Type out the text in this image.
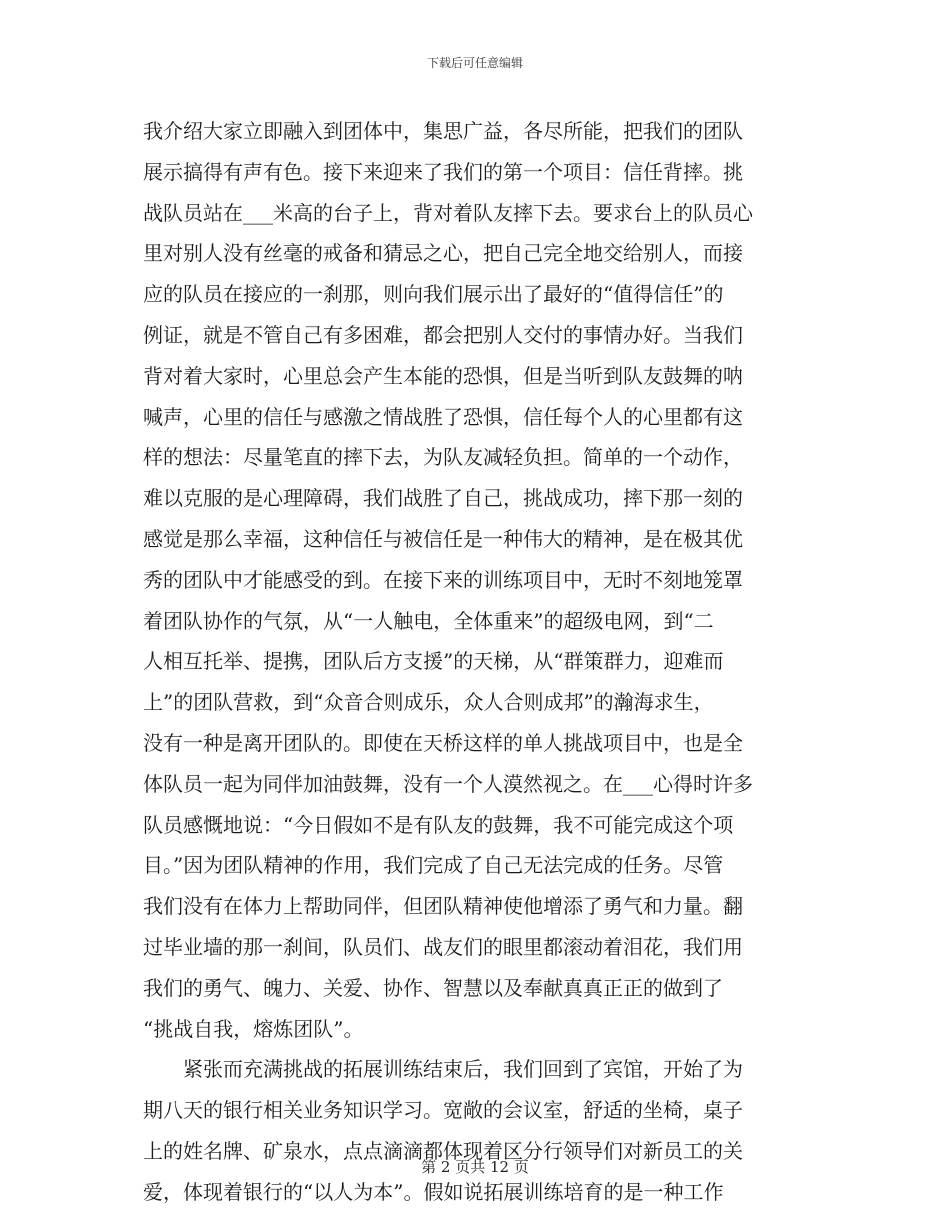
下载后可任意编辑
我介绍大家立即融入到团体中，集思广益，各尽所能，把我们的团队
展示搞得有声有色。接下来迎来了我们的第一个项目：信任背摔。挑
战队员站在___米高的台子上，背对着队友摔下去。要求台上的队员心
里对别人没有丝毫的戒备和猜忌之心，把自己完全地交给别人，而接
应的队员在接应的一刹那，则向我们展示出了最好的“值得信任”的
例证，就是不管自己有多困难，都会把别人交付的事情办好。当我们
背对着大家时，心里总会产生本能的恐惧，但是当听到队友鼓舞的呐
喊声，心里的信任与感激之情战胜了恐惧，信任每个人的心里都有这
样的想法：尽量笔直的摔下去，为队友减轻负担。简单的一个动作，
难以克服的是心理障碍，我们战胜了自己，挑战成功，摔下那一刻的
感觉是那么幸福，这种信任与被信任是一种伟大的精神，是在极其优
秀的团队中才能感受的到。在接下来的训练项目中，无时不刻地笼罩
着团队协作的气氛，从“一人触电，全体重来”的超级电网，到“二
人相互托举、提携，团队后方支援”的天梯，从“群策群力，迎难而
上”的团队营救，到“众音合则成乐，众人合则成邦”的瀚海求生，
没有一种是离开团队的。即使在天桥这样的单人挑战项目中，也是全
体队员一起为同伴加油鼓舞，没有一个人漠然视之。在___心得时许多
队员感慨地说：“今日假如不是有队友的鼓舞，我不可能完成这个项
目。”因为团队精神的作用，我们完成了自己无法完成的任务。尽管
我们没有在体力上帮助同伴，但团队精神使他增添了勇气和力量。翻
过毕业墙的那一刹间，队员们、战友们的眼里都滚动着泪花，我们用
我们的勇气、魄力、关爱、协作、智慧以及奉献真真正正的做到了
“挑战自我，熔炼团队”。
　　紧张而充满挑战的拓展训练结束后，我们回到了宾馆，开始了为
期八天的银行相关业务知识学习。宽敞的会议室，舒适的坐椅，桌子
上的姓名牌、矿泉水，点点滴滴都体现着区分行领导们对新员工的关
爱，体现着银行的“以人为本”。假如说拓展训练培育的是一种工作
第 2 页共 12 页
